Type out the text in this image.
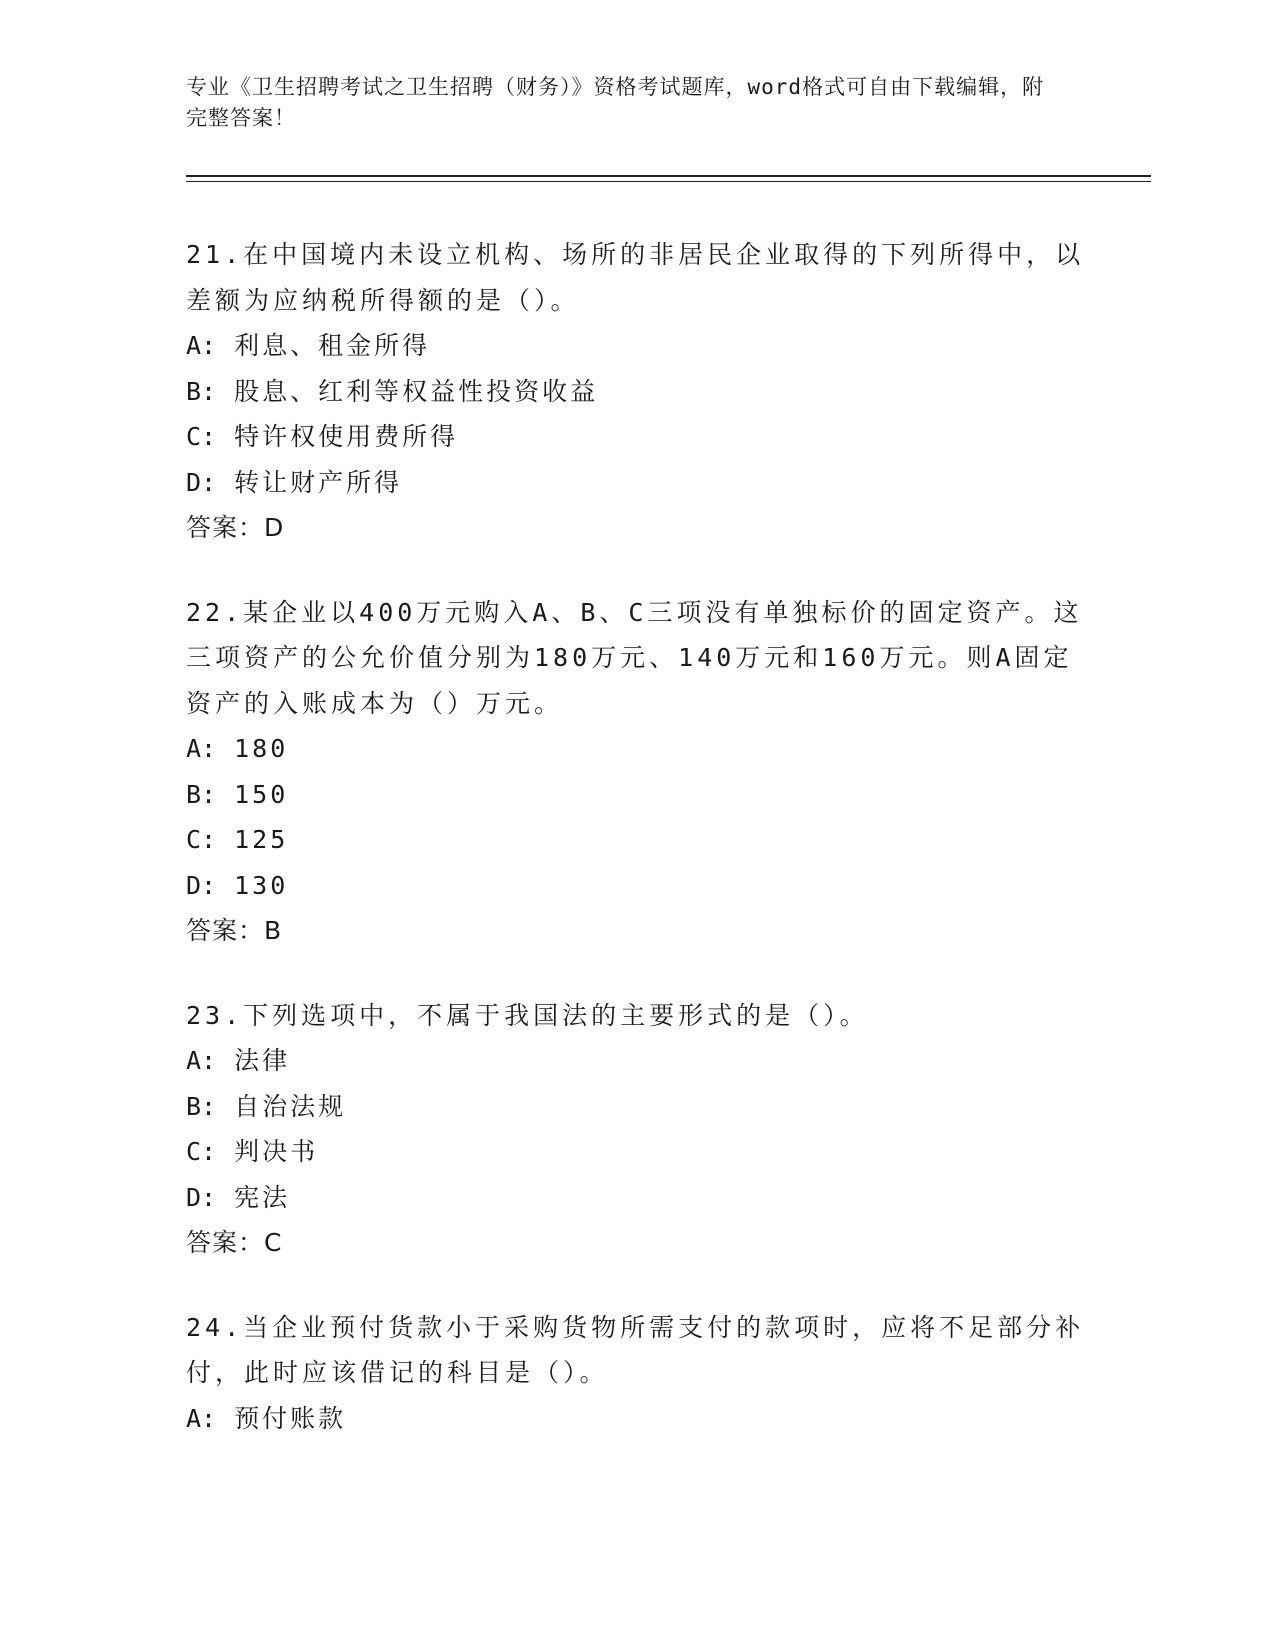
专业《卫生招聘考试之卫生招聘（财务）》资格考试题库，word格式可自由下载编辑，附完整答案！
21.在中国境内未设立机构、场所的非居民企业取得的下列所得中，以差额为应纳税所得额的是（）。
A: 利息、租金所得
B: 股息、红利等权益性投资收益
C: 特许权使用费所得
D: 转让财产所得
答案：D
22.某企业以400万元购入A、B、C三项没有单独标价的固定资产。这三项资产的公允价值分别为180万元、140万元和160万元。则A固定资产的入账成本为（）万元。
A: 180
B: 150
C: 125
D: 130
答案：B
23.下列选项中，不属于我国法的主要形式的是（）。
A: 法律
B: 自治法规
C: 判决书
D: 宪法
答案：C
24.当企业预付货款小于采购货物所需支付的款项时，应将不足部分补付，此时应该借记的科目是（）。
A: 预付账款
